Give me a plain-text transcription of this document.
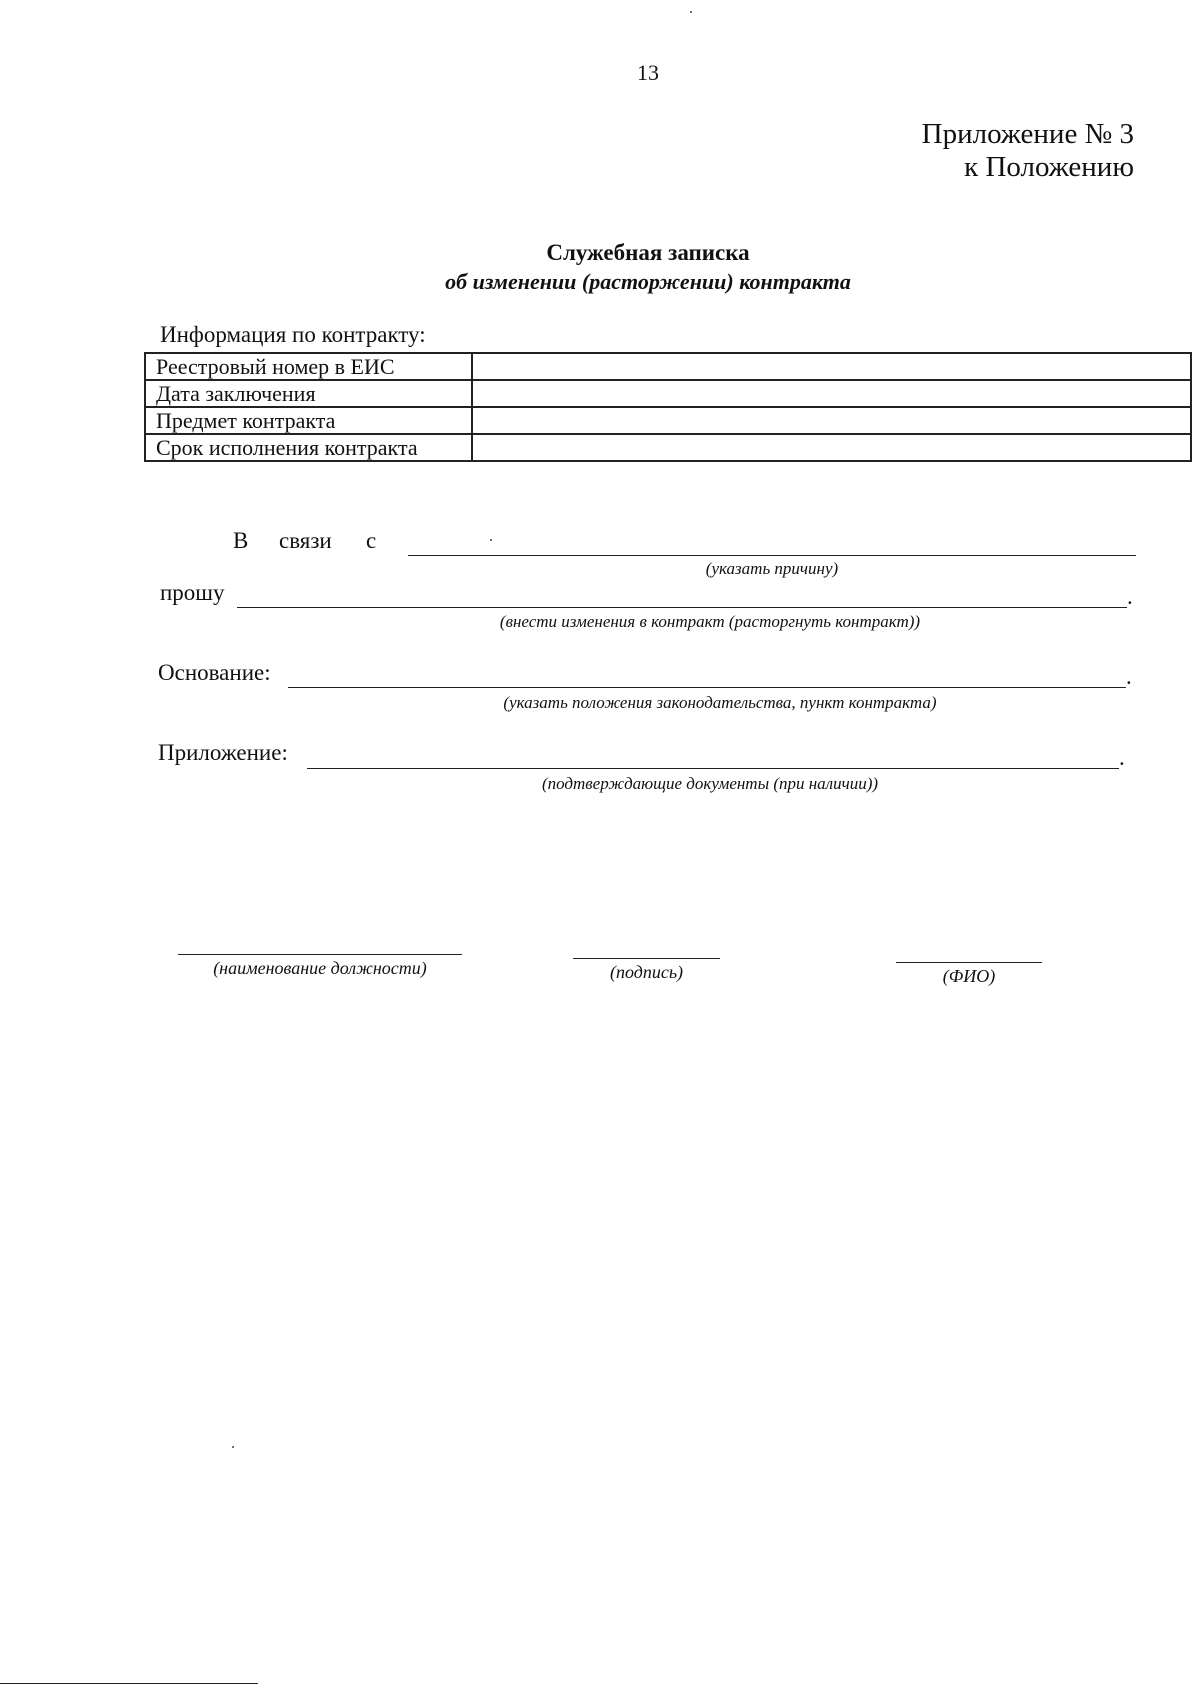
13
Приложение № 3
к Положению
Служебная записка
об изменении (расторжении) контракта
Информация по контракту:
Реестровый номер в ЕИС	
Дата заключения	
Предмет контракта	
Срок исполнения контракта	
В связи с
(указать причину)
прошу	.
(внести изменения в контракт (расторгнуть контракт))
Основание:	.
(указать положения законодательства, пункт контракта)
Приложение:	.
(подтверждающие документы (при наличии))
(наименование должности)	(подпись)	(ФИО)
